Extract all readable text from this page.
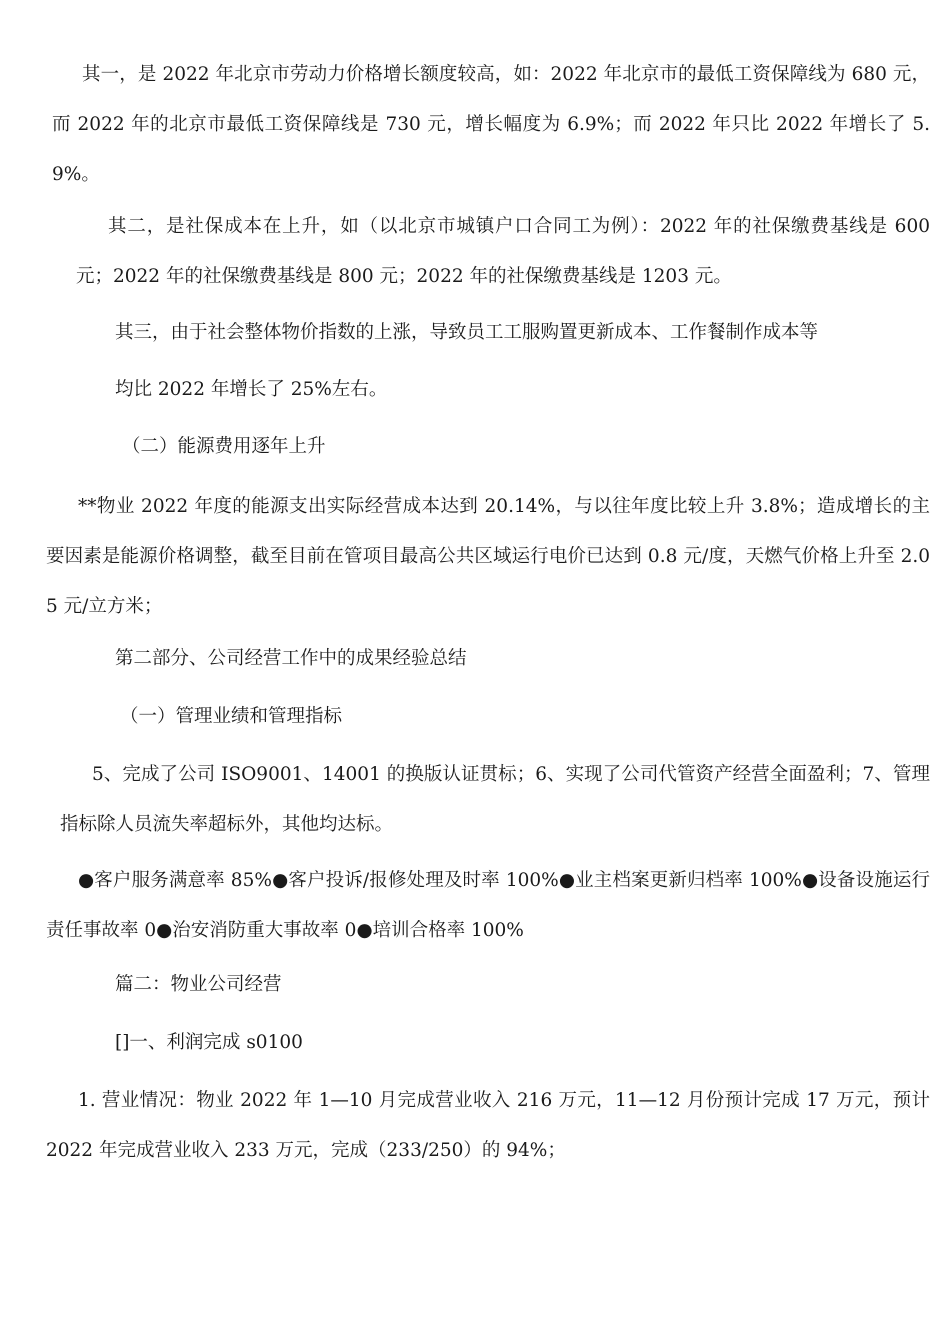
其一，是 2022 年北京市劳动力价格增长额度较高，如：2022 年北京市的最低工资保障线为 680 元，而 2022 年的北京市最低工资保障线是 730 元，增长幅度为 6.9%；而 2022 年只比 2022 年增长了 5.9%。

其二，是社保成本在上升，如（以北京市城镇户口合同工为例）：2022 年的社保缴费基线是 600 元；2022 年的社保缴费基线是 800 元；2022 年的社保缴费基线是 1203 元。

其三，由于社会整体物价指数的上涨，导致员工工服购置更新成本、工作餐制作成本等

均比 2022 年增长了 25%左右。

（二）能源费用逐年上升

**物业 2022 年度的能源支出实际经营成本达到 20.14%，与以往年度比较上升 3.8%；造成增长的主要因素是能源价格调整，截至目前在管项目最高公共区域运行电价已达到 0.8 元/度，天燃气价格上升至 2.05 元/立方米；

第二部分、公司经营工作中的成果经验总结

（一）管理业绩和管理指标

5、完成了公司 ISO9001、14001 的换版认证贯标；6、实现了公司代管资产经营全面盈利；7、管理指标除人员流失率超标外，其他均达标。

●客户服务满意率 85%●客户投诉/报修处理及时率 100%●业主档案更新归档率 100%●设备设施运行责任事故率 0●治安消防重大事故率 0●培训合格率 100%

篇二：物业公司经营

[]一、利润完成 s0100

1. 营业情况：物业 2022 年 1—10 月完成营业收入 216 万元，11—12 月份预计完成 17 万元，预计 2022 年完成营业收入 233 万元，完成（233/250）的 94%；
